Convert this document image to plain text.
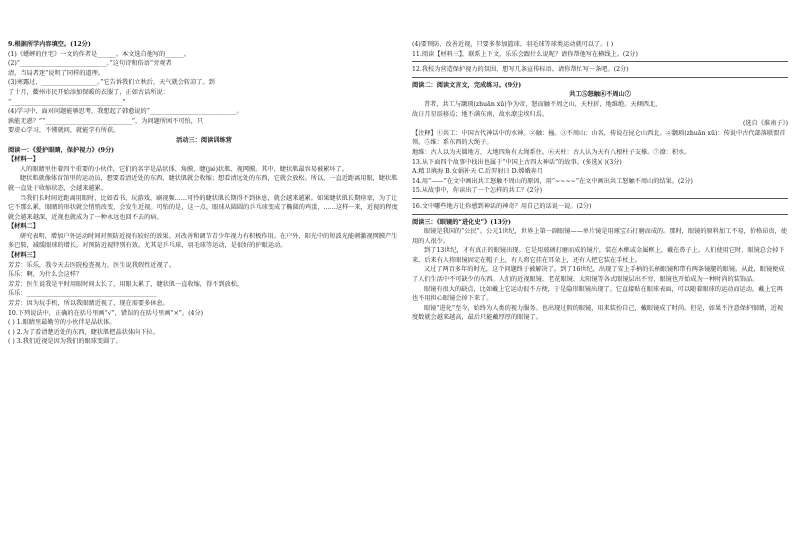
9.根据所学内容填空。(12分)
(1)《蟋蟀的住宅》一文的作者是______。本文选自他写的______。
(2)“____________________________。”这句诗和俗语“旁观者
清，当局者迷”说明了同样的道理。
(3)寒露过，__________________。”它告诉我们立秋后，天气就会转凉了。到
了十月，衢州市民开始添加保暖的衣服了，正如古话所说：
“____________________________________”
(4)学习中，面对问题能够思考，我想起了韩愈说的“____________________________。
孰能无惑？”“____________________________”，为问题所困不可怕，只
要虚心学习，不懂就问，就能学有所获。
活动三：阅读训练营
阅读一：《爱护眼睛，保护视力》(9分)
【材料一】
人的眼睛里住着四个重要的小伙伴，它们的名字是晶状体、角膜、睫(jié)状肌、视网膜。其中，睫状肌最容易被累坏了。
睫状肌就像体育馆里的运动员，想要看清近处的东西，睫状肌就会收缩；想看清远处的东西，它就会放松。所以，一直近距离用眼，睫状肌就一直处于收缩状态，会越来越累。
当我们长时间近距离用眼时，比如看书、玩游戏、刷视频……可怜的睫状肌长期得不到休息，就会越来越累。如果睫状肌长期痉挛，为了让它不那么累，眼睛的形状就会悄悄改变，会发生近视。可怕的是，这一点，眼球从圆圆的乒乓球变成了椭圆的鸡蛋，……这样一来，近视的程度就会越来越深，近视也就成为了一种永远也回不去的病。
【材料二】
研究表明，增加户外运动时间对预防近视有较好的效果。对改善和调节青少年视力有积极作用。在户外，阳光中的短波光能刺激视网膜产生多巴胺，减缓眼球的增长，对预防近视特别有效。尤其是乒乓球、羽毛球等运动，是很好的护眼运动。
【材料三】
芳芳：乐乐，我今天去医院检查视力，医生说我假性近视了。
乐乐：啊，为什么会这样？
芳芳：医生说我是平时用眼时间太长了，用眼太累了，睫状肌一直收缩，得不到放松。
乐乐：__________________________________________
芳芳：因为玩手机，所以我眼睛近视了，现在需要多休息。
10.下列说法中，正确的在括号里画“√”，错误的在括号里画“×”。(4分)
( ) 1.眼睛里最勤劳的小伙伴是晶状体。
( ) 2.为了看清楚近处的东西，睫状肌把晶状体向下拉。
( ) 3.我们近视是因为我们的眼球变圆了。
(4)要预防、改善近视，只要多参加篮球、羽毛球等球类运动就可以了。( )
11.阅读【材料三】，联系上下文，乐乐会跟什么说呢？请你帮他写在横线上。(2分)
12.我校为营造保护视力的氛围，想写几条宣传标语。请你帮忙写一条吧。(2分)
阅读二：阅读文言文，完成练习。(9分)
共工⑤怒触⑥不周山⑦
昔者，共工与颛顼(zhuān xū)争为帝，怒而触不周之山，天柱折，地维绝。天倾西北，
故日月星辰移焉；地不满东南，故水潦尘埃归焉。
(选自《淮南子》)
【注释】①共工：中国古代神话中的水神。②触：撞。③不周山：山名，传说在昆仑山西北。④颛顼(zhuān xū)：传说中古代部落联盟首领。⑤维：系东西的大绳子。
地维：古人以为天圆地方，大地四角有大绳系住。⑥天柱：古人认为天有八根柱子支撑。⑦潦：积水。
13.从下面四个故事中找出也属于“中国上古四大神话”的故事。(多选)( )(3分)
A.精卫填海 B.女娲补天 C.后羿射日 D.嫦娥奔月
14.用“——”在文中画出共工怒触不周山的原因，用“~~~~”在文中画出共工怒触不周山的结果。(2分)
15.从故事中，你读出了一个怎样的共工？(2分)
16.文中哪些地方让你感到神话的神奇？用自己的话说一说。(2分)
阅读三：《眼镜的“进化史”》(13分)
眼镜是我国的“公民”。公元1世纪，世界上第一副眼镜——单片镜是用琢宝石打磨而成的。那时，眼镜的原料加工不易，价格昂贵，使用的人很少。
到了13世纪，才有真正的眼镜出现。它是用玻璃打磨而成的镜片，装在木框或金属框上，戴在鼻子上。人们使用它时，眼镜总会掉下来，后来有人将眼镜固定在帽子上，有人将它挂在耳朵上，还有人把它装在手杖上。
又过了两百多年的时光，这个问题终于被解决了。到了16世纪，出现了安上手柄的长柄眼镜和带有两条镜腿的眼镜。从此，眼镜便成了人们生活中不可缺少的东西。人们的近视眼镜、老花眼镜、太阳镜等各式眼镜层出不穷，眼镜也开始成为一种时尚的装饰品。
眼镜有很大的缺点，比如戴上它运动很不方便，于是隐形眼镜出现了。它直接贴在眼球表面，可以随着眼球的运动而运动，戴上它再也不用担心眼镜会掉下来了。
眼镜“进化”至今，始终为人类的视力服务。也出现过假的眼镜，用来装扮自己，戴眼镜成了时尚。但是，如果不注意保护眼睛，近视度数就会越来越高，最后只能戴厚厚的眼镜了。
